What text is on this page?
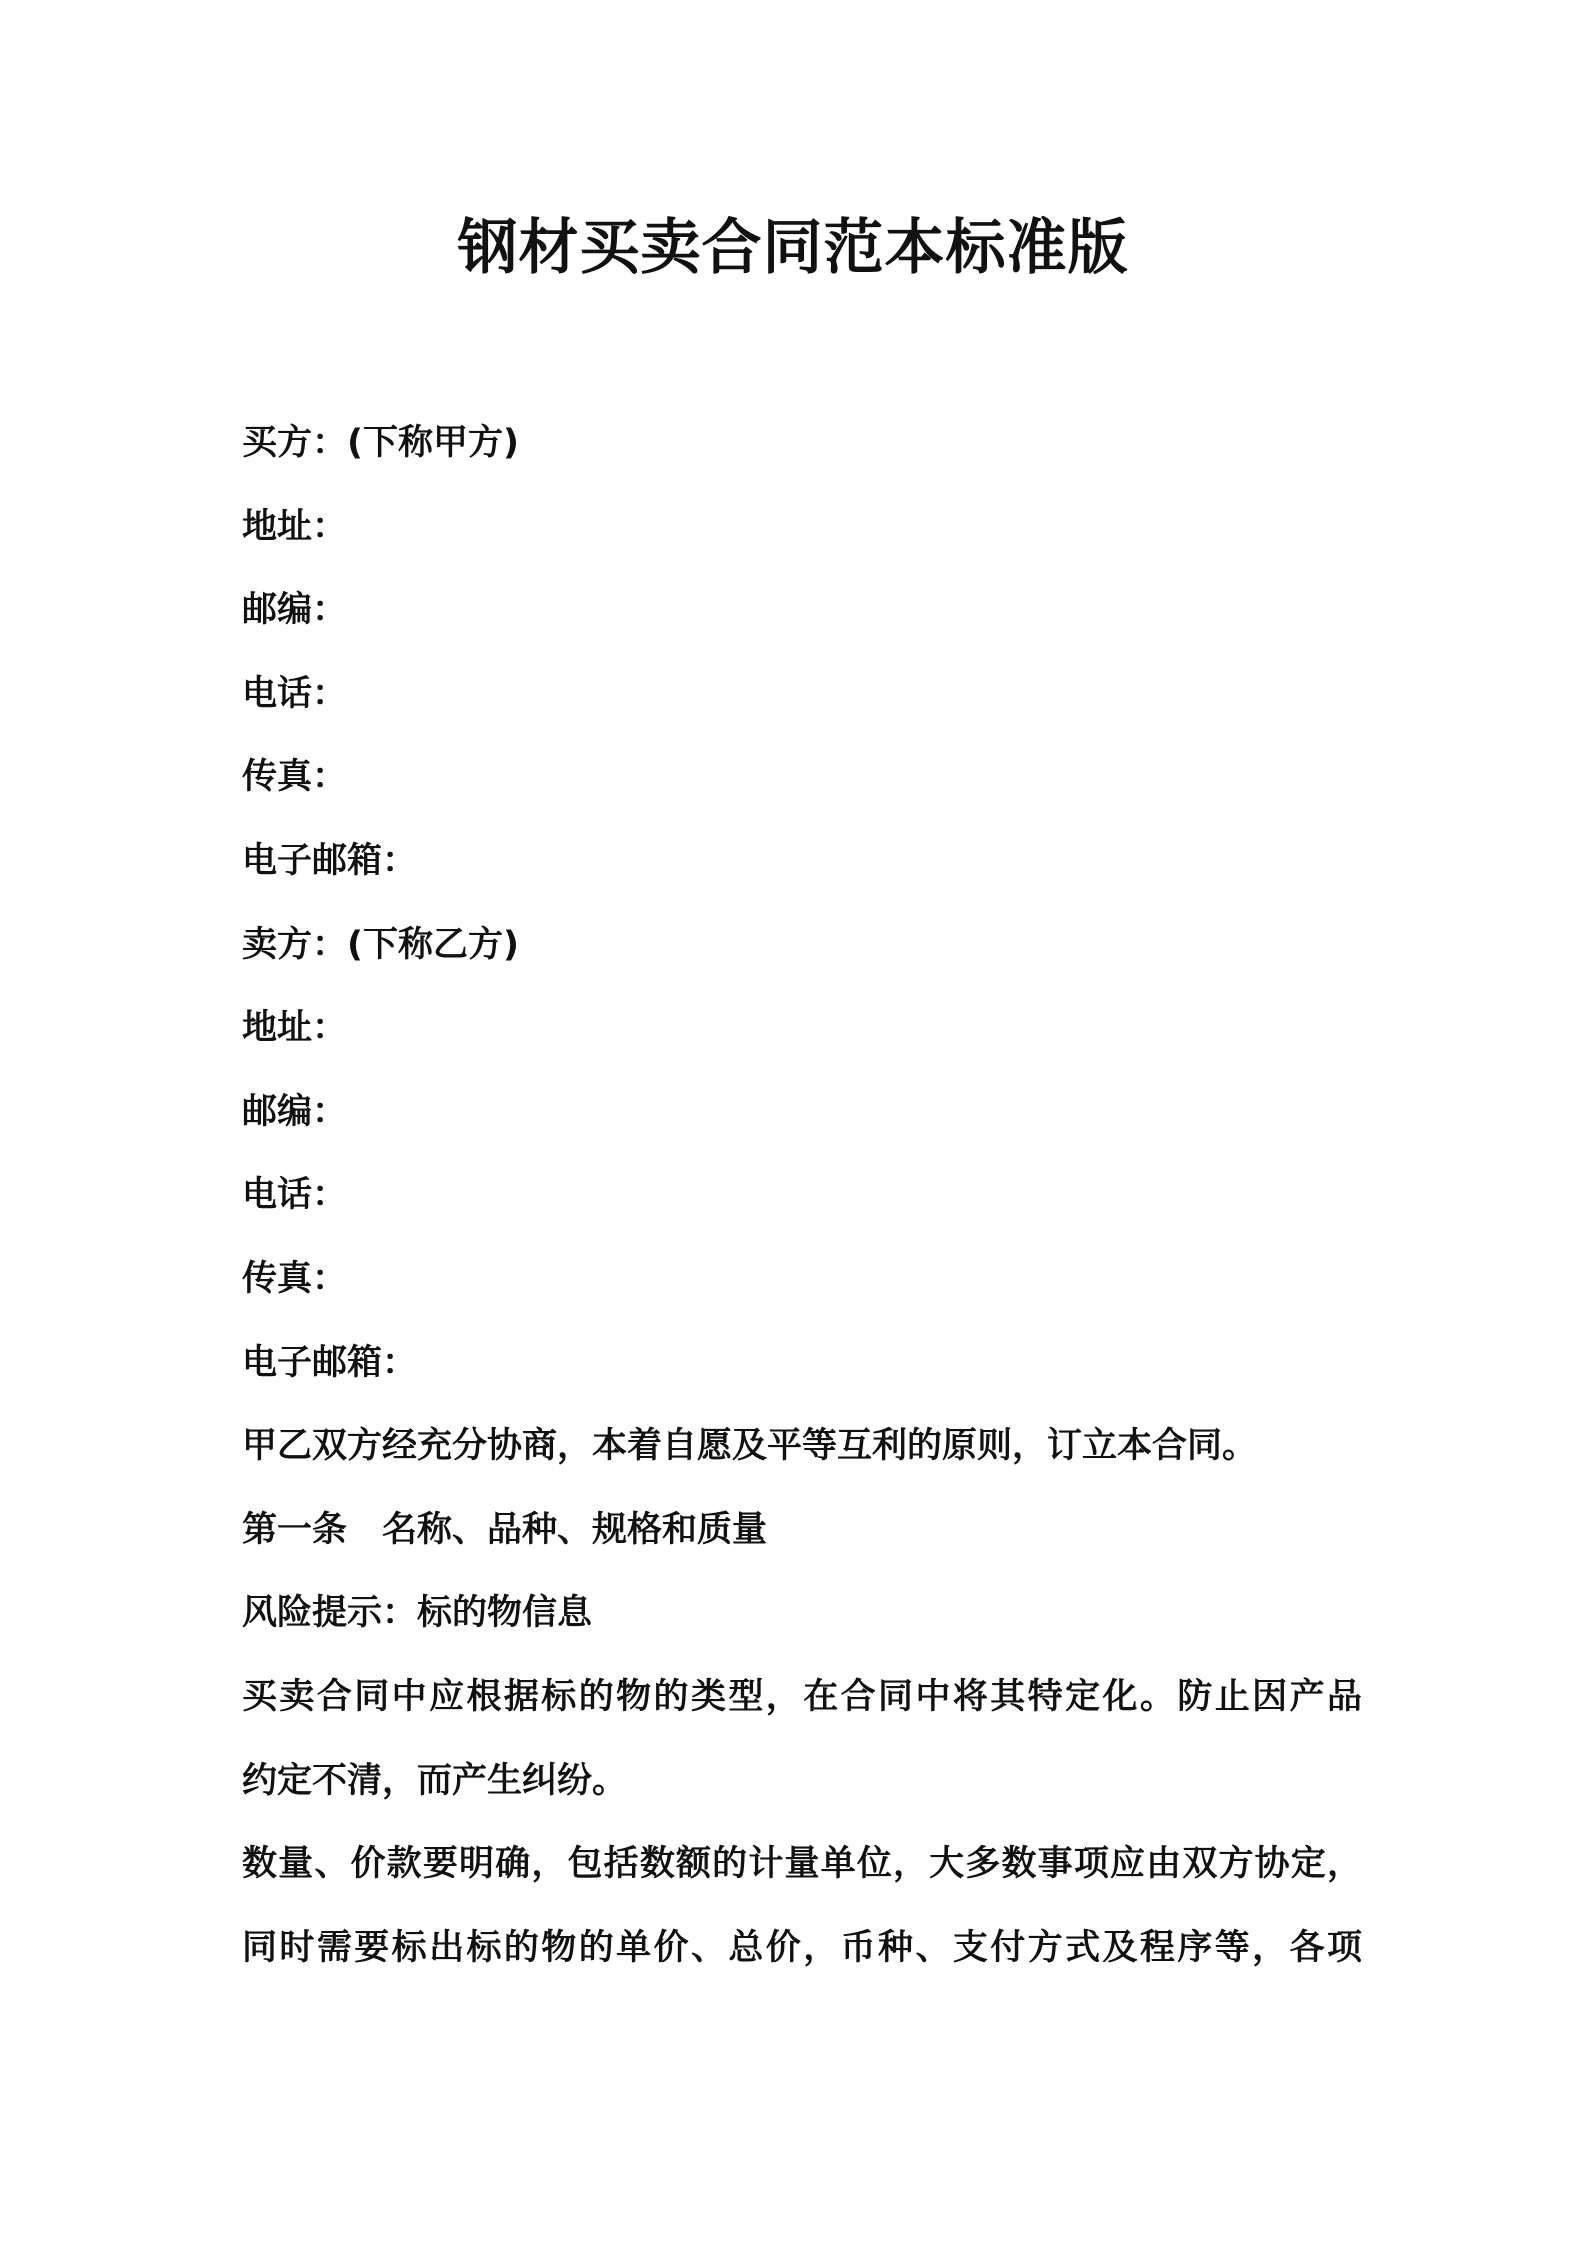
钢材买卖合同范本标准版
买方：(下称甲方)
地址：
邮编：
电话：
传真：
电子邮箱：
卖方：(下称乙方)
地址：
邮编：
电话：
传真：
电子邮箱：
甲乙双方经充分协商，本着自愿及平等互利的原则，订立本合同。
第一条　名称、品种、规格和质量
风险提示：标的物信息
买卖合同中应根据标的物的类型，在合同中将其特定化。防止因产品
约定不清，而产生纠纷。
数量、价款要明确，包括数额的计量单位，大多数事项应由双方协定，
同时需要标出标的物的单价、总价，币种、支付方式及程序等，各项
